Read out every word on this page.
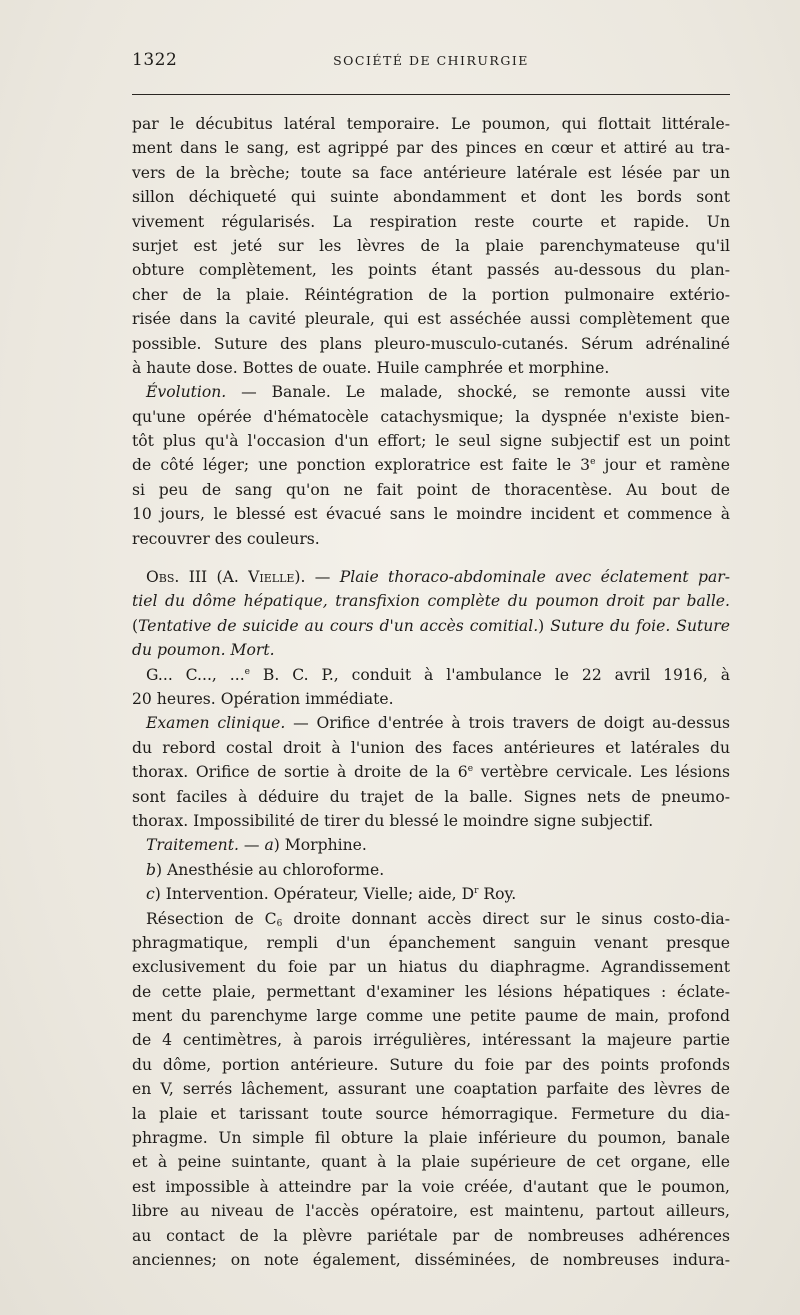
1322	SOCIÉTÉ DE CHIRURGIE
par le décubitus latéral temporaire. Le poumon, qui flottait littérale-
ment dans le sang, est agrippé par des pinces en cœur et attiré au tra-
vers de la brèche; toute sa face antérieure latérale est lésée par un
sillon déchiqueté qui suinte abondamment et dont les bords sont
vivement régularisés. La respiration reste courte et rapide. Un
surjet est jeté sur les lèvres de la plaie parenchymateuse qu'il
obture complètement, les points étant passés au-dessous du plan-
cher de la plaie. Réintégration de la portion pulmonaire extério-
risée dans la cavité pleurale, qui est asséchée aussi complètement que
possible. Suture des plans pleuro-musculo-cutanés. Sérum adrénaliné
à haute dose. Bottes de ouate. Huile camphrée et morphine.
Évolution. — Banale. Le malade, shocké, se remonte aussi vite
qu'une opérée d'hématocèle catachysmique; la dyspnée n'existe bien-
tôt plus qu'à l'occasion d'un effort; le seul signe subjectif est un point
de côté léger; une ponction exploratrice est faite le 3e jour et ramène
si peu de sang qu'on ne fait point de thoracentèse. Au bout de
10 jours, le blessé est évacué sans le moindre incident et commence à
recouvrer des couleurs.
Obs. III (A. Vielle). — Plaie thoraco-abdominale avec éclatement par-
tiel du dôme hépatique, transfixion complète du poumon droit par balle.
(Tentative de suicide au cours d'un accès comitial.) Suture du foie. Suture
du poumon. Mort.
G... C..., ...$^e$ B. C. P., conduit à l'ambulance le 22 avril 1916, à
20 heures. Opération immédiate.
Examen clinique. — Orifice d'entrée à trois travers de doigt au-dessus
du rebord costal droit à l'union des faces antérieures et latérales du
thorax. Orifice de sortie à droite de la 6e vertèbre cervicale. Les lésions
sont faciles à déduire du trajet de la balle. Signes nets de pneumo-
thorax. Impossibilité de tirer du blessé le moindre signe subjectif.
Traitement. — a) Morphine.
b) Anesthésie au chloroforme.
c) Intervention. Opérateur, Vielle; aide, $D^r$ Roy.
Résection de $C_6$ droite donnant accès direct sur le sinus costo-dia-
phragmatique, rempli d'un épanchement sanguin venant presque
exclusivement du foie par un hiatus du diaphragme. Agrandissement
de cette plaie, permettant d'examiner les lésions hépatiques : éclate-
ment du parenchyme large comme une petite paume de main, profond
de 4 centimètres, à parois irrégulières, intéressant la majeure partie
du dôme, portion antérieure. Suture du foie par des points profonds
en V, serrés lâchement, assurant une coaptation parfaite des lèvres de
la plaie et tarissant toute source hémorragique. Fermeture du dia-
phragme. Un simple fil obture la plaie inférieure du poumon, banale
et à peine suintante, quant à la plaie supérieure de cet organe, elle
est impossible à atteindre par la voie créée, d'autant que le poumon,
libre au niveau de l'accès opératoire, est maintenu, partout ailleurs,
au contact de la plèvre pariétale par de nombreuses adhérences
anciennes; on note également, disséminées, de nombreuses indura-
